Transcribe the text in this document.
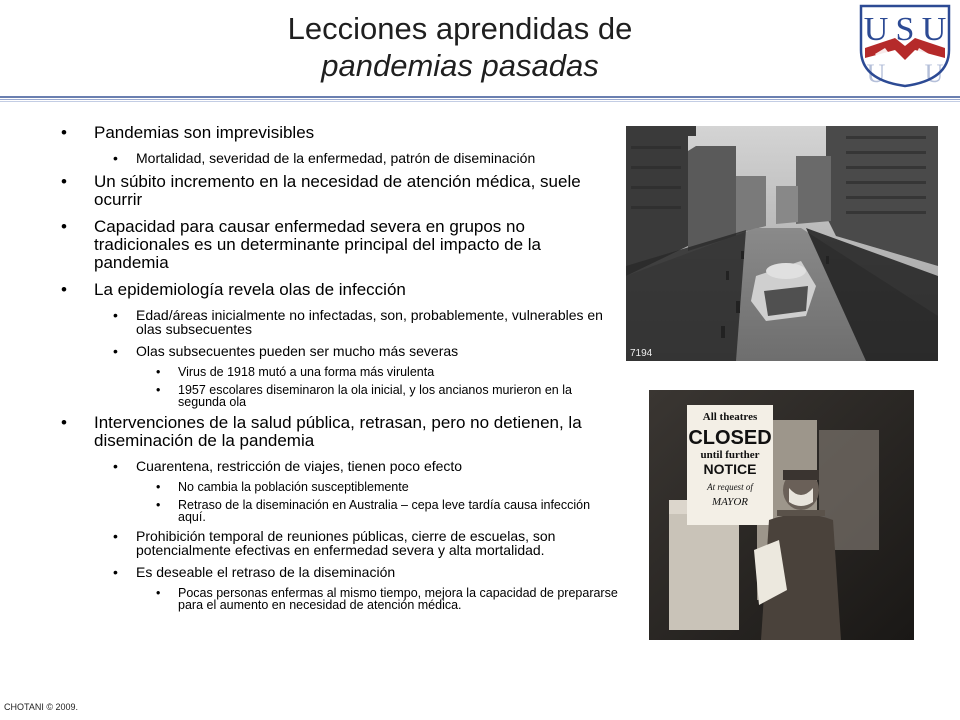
Lecciones aprendidas de
pandemias pasadas
U S U
U U
• Pandemias son imprevisibles
• Mortalidad, severidad de la enfermedad, patrón de diseminación
• Un súbito incremento en la necesidad de atención médica, suele ocurrir
• Capacidad para causar enfermedad severa en grupos no tradicionales es un determinante principal del impacto de la pandemia
• La epidemiología revela olas de infección
• Edad/áreas inicialmente no infectadas, son, probablemente, vulnerables en olas subsecuentes
• Olas subsecuentes pueden ser mucho más severas
• Virus de 1918 mutó a una forma más virulenta
• 1957 escolares diseminaron la ola inicial, y los ancianos murieron en la segunda ola
• Intervenciones de la salud pública, retrasan, pero no detienen, la diseminación de la pandemia
• Cuarentena, restricción de viajes, tienen poco efecto
• No cambia la población susceptiblemente
• Retraso de la diseminación en Australia – cepa leve tardía causa infección aquí.
• Prohibición temporal de reuniones públicas, cierre de escuelas, son potencialmente efectivas en enfermedad severa y alta mortalidad.
• Es deseable el retraso de la diseminación
• Pocas personas enfermas al mismo tiempo, mejora la capacidad de prepararse para el aumento en necesidad de atención médica.
7194
All theatres
CLOSED
until further
NOTICE
At request of
MAYOR
CHOTANI © 2009.
